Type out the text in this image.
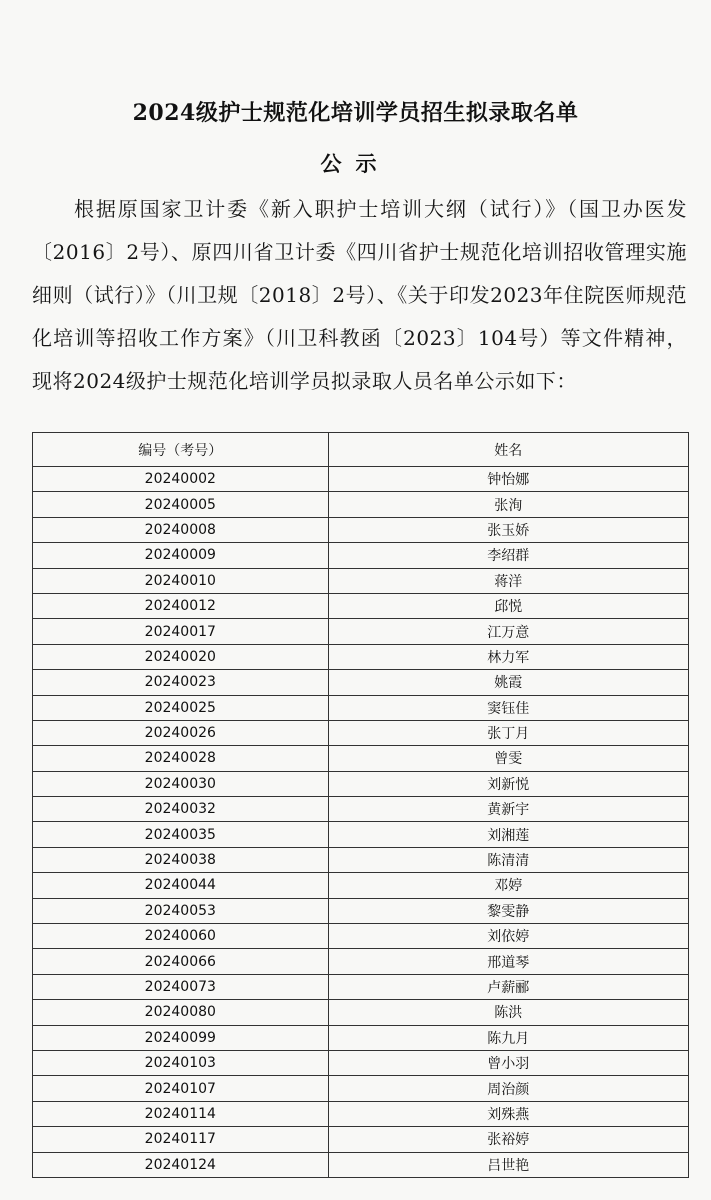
2024级护士规范化培训学员招生拟录取名单
公示

根据原国家卫计委《新入职护士培训大纲（试行）》（国卫办医发〔2016〕2号）、原四川省卫计委《四川省护士规范化培训招收管理实施细则（试行）》（川卫规〔2018〕2号）、《关于印发2023年住院医师规范化培训等招收工作方案》（川卫科教函〔2023〕104号）等文件精神，现将2024级护士规范化培训学员拟录取人员名单公示如下：

编号（考号）	姓名
20240002	钟怡娜
20240005	张洵
20240008	张玉娇
20240009	李绍群
20240010	蒋洋
20240012	邱悦
20240017	江万意
20240020	林力军
20240023	姚霞
20240025	窦钰佳
20240026	张丁月
20240028	曾雯
20240030	刘新悦
20240032	黄新宇
20240035	刘湘莲
20240038	陈清清
20240044	邓婷
20240053	黎雯静
20240060	刘依婷
20240066	邢道琴
20240073	卢薪郦
20240080	陈洪
20240099	陈九月
20240103	曾小羽
20240107	周治颜
20240114	刘殊燕
20240117	张裕婷
20240124	吕世艳
